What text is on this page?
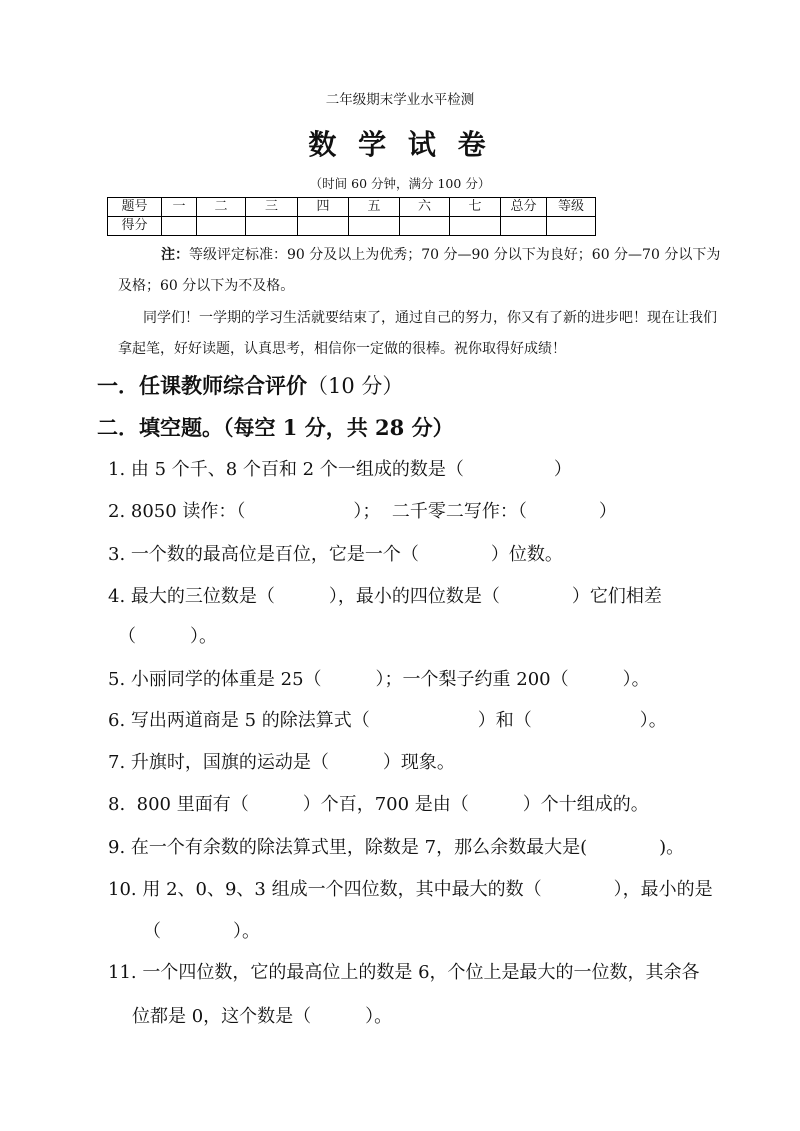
二年级期末学业水平检测
数 学 试 卷
（时间 60 分钟，满分 100 分）
题号	一	二	三	四	五	六	七	总分	等级
得分									
注：等级评定标准：90 分及以上为优秀；70 分—90 分以下为良好；60 分—70 分以下为
及格；60 分以下为不及格。
同学们！一学期的学习生活就要结束了，通过自己的努力，你又有了新的进步吧！现在让我们
拿起笔，好好读题，认真思考，相信你一定做的很棒。祝你取得好成绩！
一．任课教师综合评价（10 分）
二．填空题。（每空 1 分，共 28 分）
1. 由 5 个千、8 个百和 2 个一组成的数是（　　　　　）
2. 8050 读作：（　　　　　　）；  二千零二写作：（　　　　）
3. 一个数的最高位是百位，它是一个（　　　　）位数。
4. 最大的三位数是（　　　），最小的四位数是（　　　　）它们相差
（　　　）。
5. 小丽同学的体重是 25（　　　）；一个梨子约重 200（　　　）。
6. 写出两道商是 5 的除法算式（　　　　　　）和（　　　　　　）。
7. 升旗时，国旗的运动是（　　　）现象。
8.  800 里面有（　　　）个百，700 是由（　　　）个十组成的。
9. 在一个有余数的除法算式里，除数是 7，那么余数最大是(　　　　)。
10. 用 2、0、9、3 组成一个四位数，其中最大的数（　　　　），最小的是
（　　　　）。
11. 一个四位数，它的最高位上的数是 6，个位上是最大的一位数，其余各
位都是 0，这个数是（　　　）。
